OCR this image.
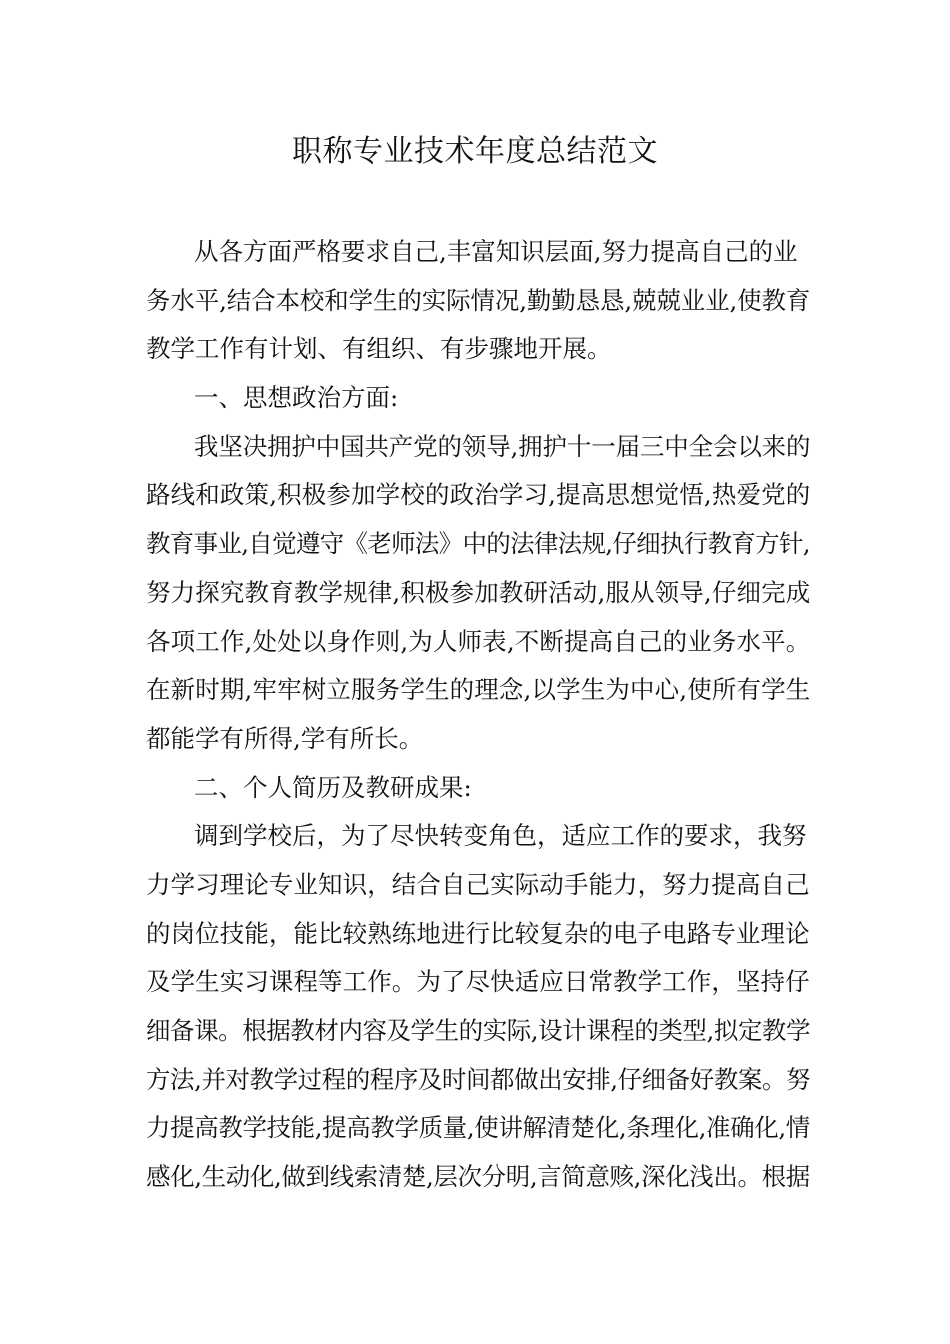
职称专业技术年度总结范文
从各方面严格要求自己,丰富知识层面,努力提高自己的业
务水平,结合本校和学生的实际情况,勤勤恳恳,兢兢业业,使教育
教学工作有计划、有组织、有步骤地开展。
一、思想政治方面:
我坚决拥护中国共产党的领导,拥护十一届三中全会以来的
路线和政策,积极参加学校的政治学习,提高思想觉悟,热爱党的
教育事业,自觉遵守《老师法》中的法律法规,仔细执行教育方针,
努力探究教育教学规律,积极参加教研活动,服从领导,仔细完成
各项工作,处处以身作则,为人师表,不断提高自己的业务水平。
在新时期,牢牢树立服务学生的理念,以学生为中心,使所有学生
都能学有所得,学有所长。
二、个人简历及教研成果:
调到学校后，为了尽快转变角色，适应工作的要求，我努
力学习理论专业知识，结合自己实际动手能力，努力提高自己
的岗位技能，能比较熟练地进行比较复杂的电子电路专业理论
及学生实习课程等工作。为了尽快适应日常教学工作，坚持仔
细备课。根据教材内容及学生的实际,设计课程的类型,拟定教学
方法,并对教学过程的程序及时间都做出安排,仔细备好教案。努
力提高教学技能,提高教学质量,使讲解清楚化,条理化,准确化,情
感化,生动化,做到线索清楚,层次分明,言简意赅,深化浅出。根据
